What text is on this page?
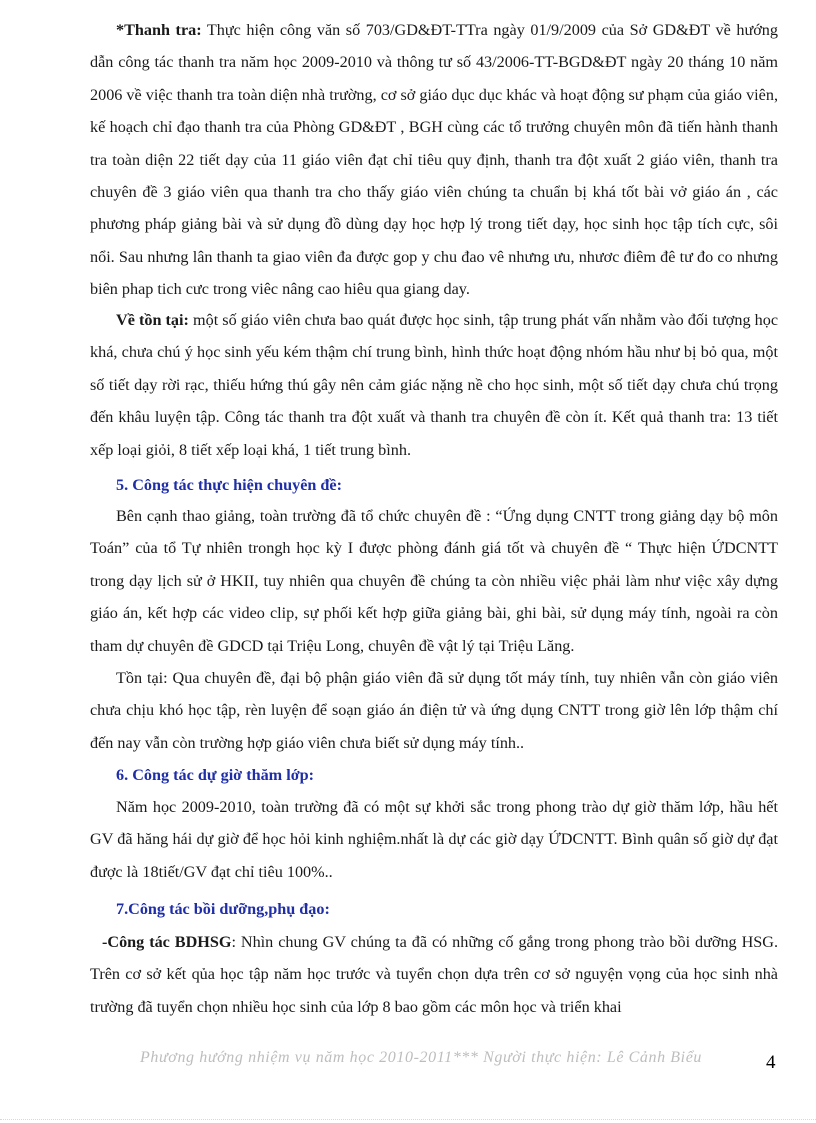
*Thanh tra: Thực hiện công văn số 703/GD&ĐT-TTra ngày 01/9/2009 của Sở GD&ĐT về hướng dẫn công tác thanh tra năm học 2009-2010 và thông tư số 43/2006-TT-BGD&ĐT ngày 20 tháng 10 năm 2006 về việc thanh tra toàn diện nhà trường, cơ sở giáo dục dục khác và hoạt động sư phạm của giáo viên, kế hoạch chỉ đạo thanh tra của Phòng GD&ĐT , BGH cùng các tổ trưởng chuyên môn đã tiến hành thanh tra toàn diện 22 tiết dạy của 11 giáo viên đạt chỉ tiêu quy định, thanh tra đột xuất 2 giáo viên, thanh tra chuyên đề 3 giáo viên qua thanh tra cho thấy giáo viên chúng ta chuẩn bị khá tốt bài vở giáo án , các phương pháp giảng bài và sử dụng đồ dùng dạy học hợp lý trong tiết dạy, học sinh học tập tích cực, sôi nổi. Sau nhưng lân thanh ta giao viên đa được gop y chu đao vê nhưng ưu, nhươc điêm đê tư đo co nhưng biên phap tich cưc trong viêc nâng cao hiêu qua giang day.

Về tồn tại: một số giáo viên chưa bao quát được học sinh, tập trung phát vấn nhằm vào đối tượng học khá, chưa chú ý học sinh yếu kém thậm chí trung bình, hình thức hoạt động nhóm hầu như bị bỏ qua, một số tiết dạy rời rạc, thiếu hứng thú gây nên cảm giác nặng nề cho học sinh, một số tiết dạy chưa chú trọng đến khâu luyện tập. Công tác thanh tra đột xuất và thanh tra chuyên đề còn ít. Kết quả thanh tra: 13 tiết xếp loại giỏi, 8 tiết xếp loại khá, 1 tiết trung bình.

5. Công tác thực hiện chuyên đề:

Bên cạnh thao giảng, toàn trường đã tổ chức chuyên đề : “Ứng dụng CNTT trong giảng dạy bộ môn Toán” của tổ Tự nhiên trongh học kỳ I được phòng đánh giá tốt và chuyên đề “ Thực hiện ỨDCNTT trong dạy lịch sử ở HKII, tuy nhiên qua chuyên đề chúng ta còn nhiều việc phải làm như việc xây dựng giáo án, kết hợp các video clip, sự phối kết hợp giữa giảng bài, ghi bài, sử dụng máy tính, ngoài ra còn tham dự chuyên đề GDCD tại Triệu Long, chuyên đề vật lý tại Triệu Lăng.

Tồn tại: Qua chuyên đề, đại bộ phận giáo viên đã sử dụng tốt máy tính, tuy nhiên vẫn còn giáo viên chưa chịu khó học tập, rèn luyện để soạn giáo án điện tử và ứng dụng CNTT trong giờ lên lớp thậm chí đến nay vẫn còn trường hợp giáo viên chưa biết sử dụng máy tính..

6. Công tác dự giờ thăm lớp:

Năm học 2009-2010, toàn trường đã có một sự khởi sắc trong phong trào dự giờ thăm lớp, hầu hết GV đã hăng hái dự giờ để học hỏi kinh nghiệm.nhất là dự các giờ dạy ỨDCNTT. Bình quân số giờ dự đạt được là 18tiết/GV đạt chỉ tiêu 100%..

7.Công tác bồi dưỡng,phụ đạo:

-Công tác BDHSG: Nhìn chung GV chúng ta đã có những cố gắng trong phong trào bồi dưỡng HSG. Trên cơ sở kết qủa học tập năm học trước và tuyển chọn dựa trên cơ sở nguyện vọng của học sinh nhà trường đã tuyển chọn nhiều học sinh của lớp 8 bao gồm các môn học và triển khai

Phương hướng nhiệm vụ năm học 2010-2011*** Người thực hiện: Lê Cảnh Biểu	4
